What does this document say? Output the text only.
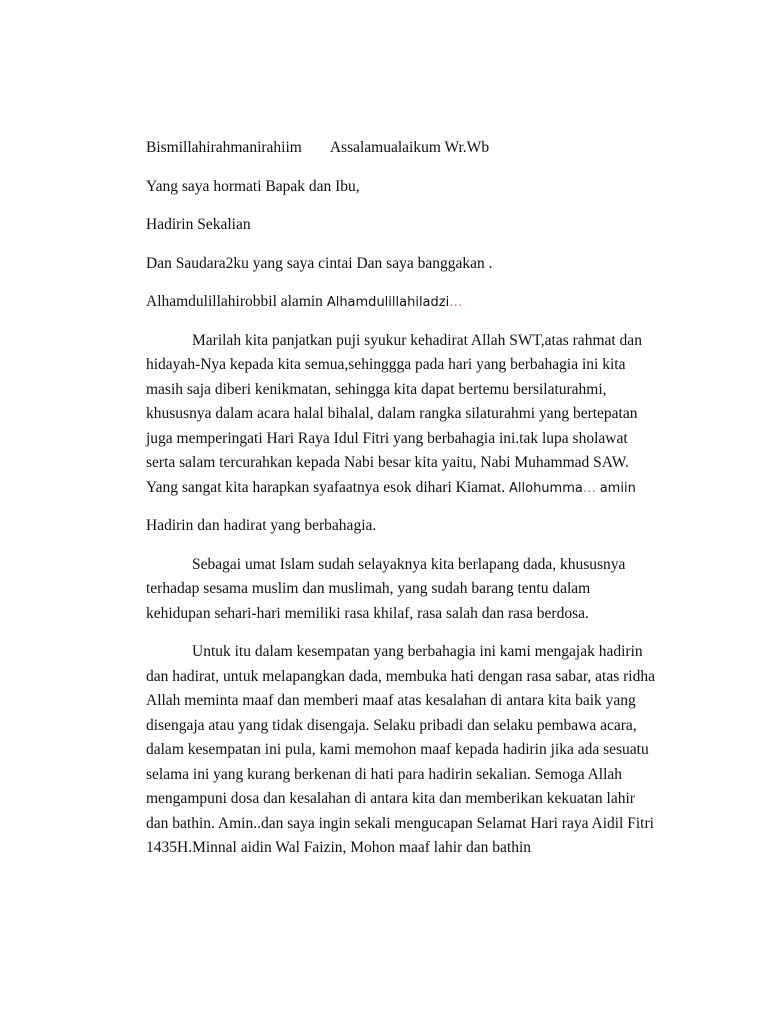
Bismillahirahmanirahiim Assalamualaikum Wr.Wb
Yang saya hormati Bapak dan Ibu,
Hadirin Sekalian
Dan Saudara2ku yang saya cintai Dan saya banggakan .
Alhamdulillahirobbil alamin Alhamdulillahiladzi…
Marilah kita panjatkan puji syukur kehadirat Allah SWT,atas rahmat dan
hidayah-Nya kepada kita semua,sehinggga pada hari yang berbahagia ini kita
masih saja diberi kenikmatan, sehingga kita dapat bertemu bersilaturahmi,
khususnya dalam acara halal bihalal, dalam rangka silaturahmi yang bertepatan
juga memperingati Hari Raya Idul Fitri yang berbahagia ini.tak lupa sholawat
serta salam tercurahkan kepada Nabi besar kita yaitu, Nabi Muhammad SAW.
Yang sangat kita harapkan syafaatnya esok dihari Kiamat. Allohumma… amiin
Hadirin dan hadirat yang berbahagia.
Sebagai umat Islam sudah selayaknya kita berlapang dada, khususnya
terhadap sesama muslim dan muslimah, yang sudah barang tentu dalam
kehidupan sehari-hari memiliki rasa khilaf, rasa salah dan rasa berdosa.
Untuk itu dalam kesempatan yang berbahagia ini kami mengajak hadirin
dan hadirat, untuk melapangkan dada, membuka hati dengan rasa sabar, atas ridha
Allah meminta maaf dan memberi maaf atas kesalahan di antara kita baik yang
disengaja atau yang tidak disengaja. Selaku pribadi dan selaku pembawa acara,
dalam kesempatan ini pula, kami memohon maaf kepada hadirin jika ada sesuatu
selama ini yang kurang berkenan di hati para hadirin sekalian. Semoga Allah
mengampuni dosa dan kesalahan di antara kita dan memberikan kekuatan lahir
dan bathin. Amin..dan saya ingin sekali mengucapan Selamat Hari raya Aidil Fitri
1435H.Minnal aidin Wal Faizin, Mohon maaf lahir dan bathin
